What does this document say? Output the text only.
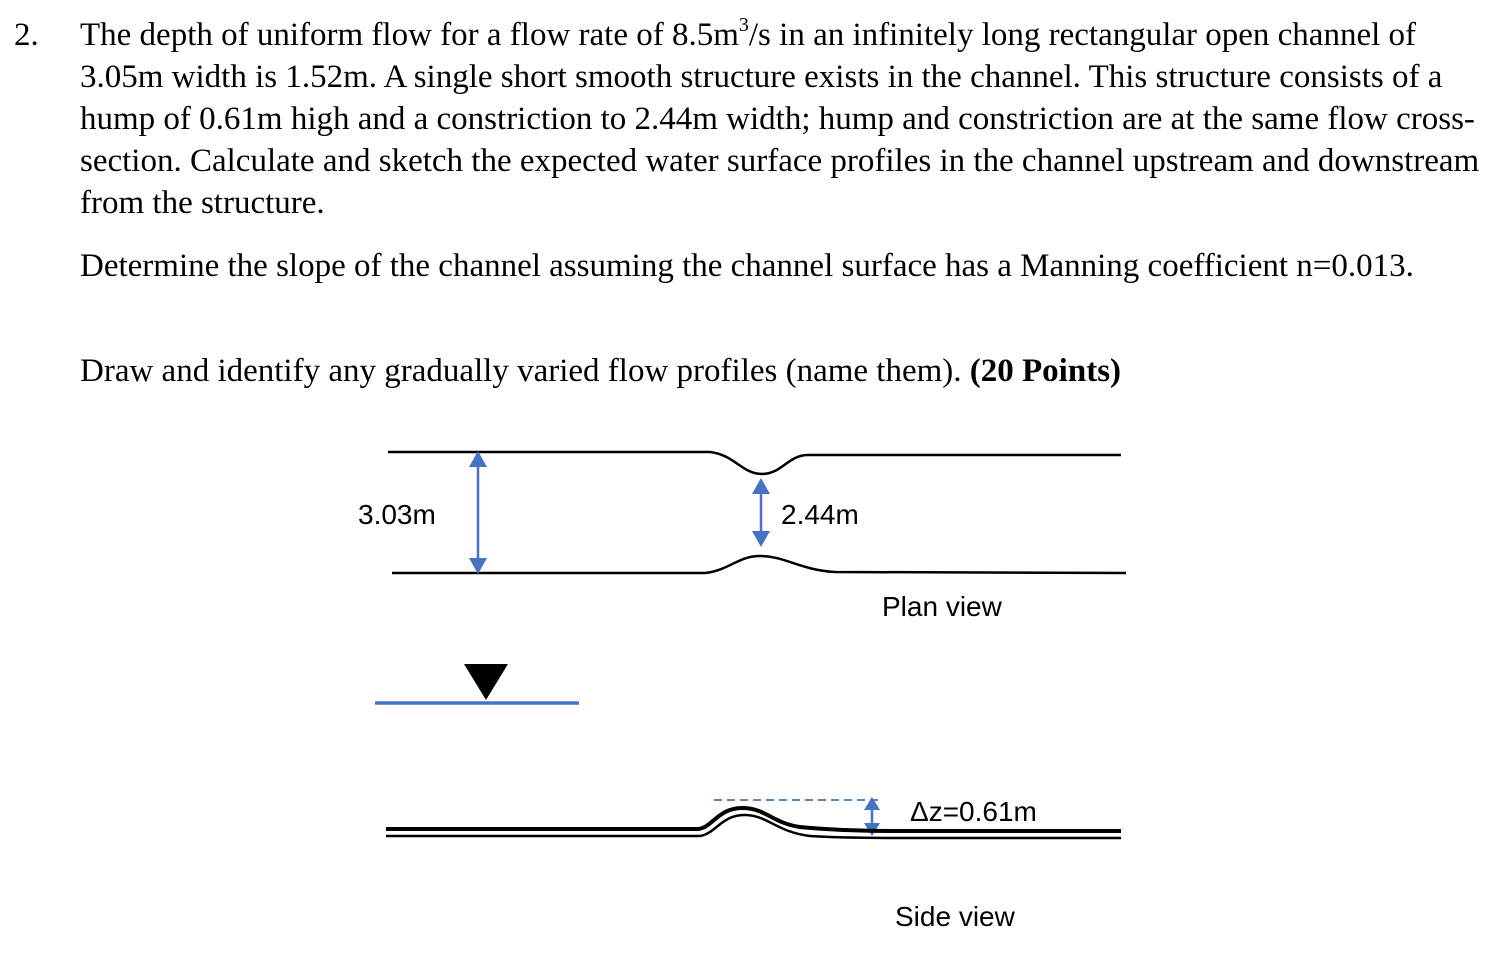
2. The depth of uniform flow for a flow rate of $8.5m^3/s$ in an infinitely long rectangular open channel of 3.05m width is 1.52m. A single short smooth structure exists in the channel. This structure consists of a hump of 0.61m high and a constriction to 2.44m width; hump and constriction are at the same flow cross-section. Calculate and sketch the expected water surface profiles in the channel upstream and downstream from the structure.

Determine the slope of the channel assuming the channel surface has a Manning coefficient n=0.013.

Draw and identify any gradually varied flow profiles (name them). (20 Points)

3.03m	2.44m
Plan view
Δz=0.61m
Side view
